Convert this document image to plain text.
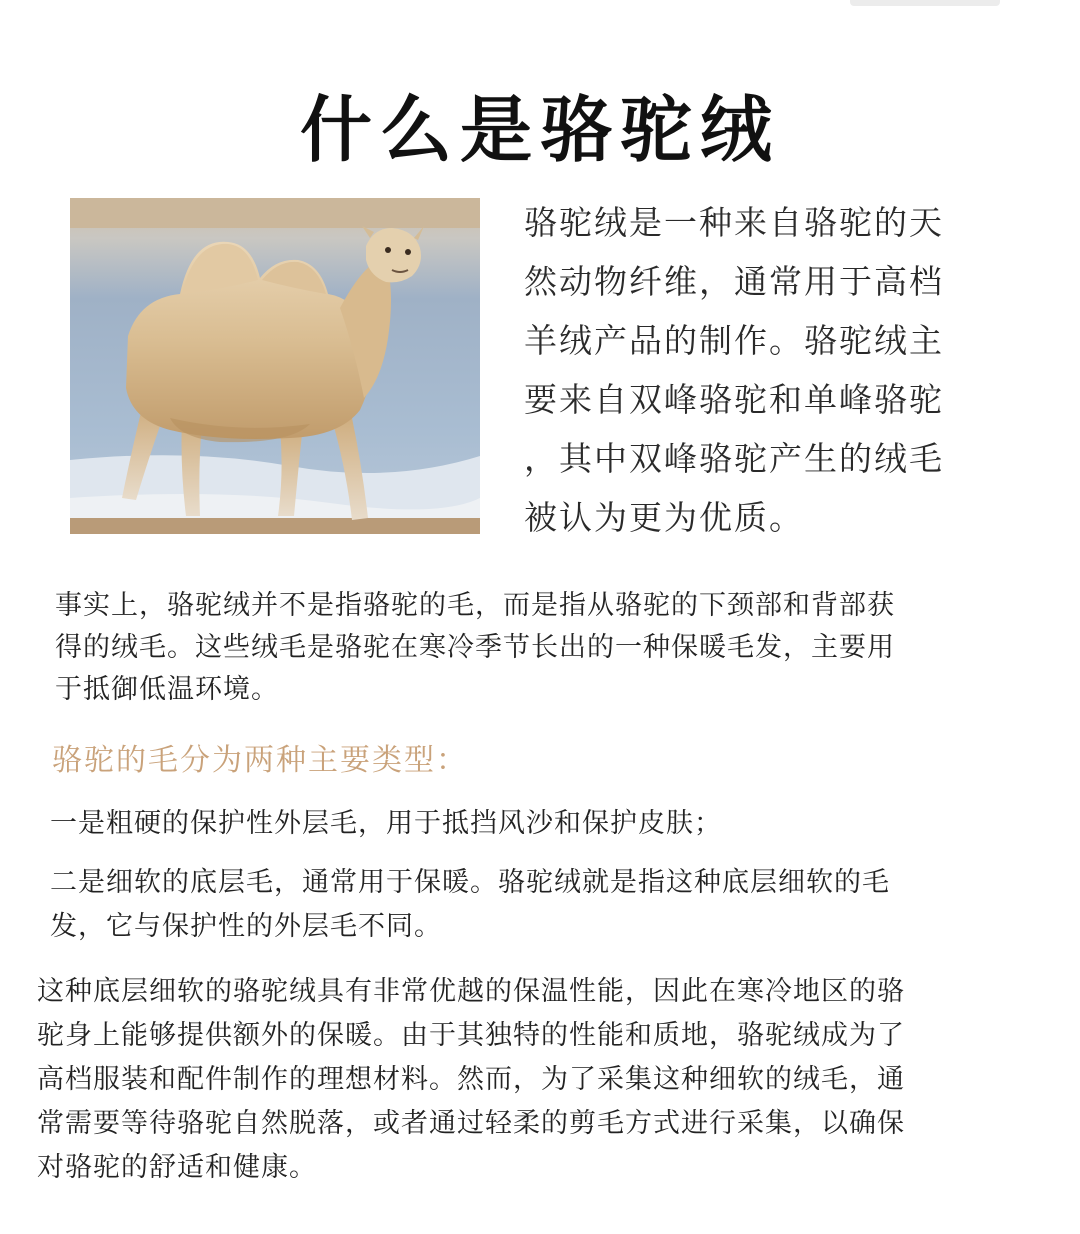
什么是骆驼绒
骆驼绒是一种来自骆驼的天
然动物纤维，通常用于高档
羊绒产品的制作。骆驼绒主
要来自双峰骆驼和单峰骆驼
，其中双峰骆驼产生的绒毛
被认为更为优质。
事实上，骆驼绒并不是指骆驼的毛，而是指从骆驼的下颈部和背部获
得的绒毛。这些绒毛是骆驼在寒冷季节长出的一种保暖毛发，主要用
于抵御低温环境。
骆驼的毛分为两种主要类型：
一是粗硬的保护性外层毛，用于抵挡风沙和保护皮肤；
二是细软的底层毛，通常用于保暖。骆驼绒就是指这种底层细软的毛
发，它与保护性的外层毛不同。
这种底层细软的骆驼绒具有非常优越的保温性能，因此在寒冷地区的骆
驼身上能够提供额外的保暖。由于其独特的性能和质地，骆驼绒成为了
高档服装和配件制作的理想材料。然而，为了采集这种细软的绒毛，通
常需要等待骆驼自然脱落，或者通过轻柔的剪毛方式进行采集，以确保
对骆驼的舒适和健康。
